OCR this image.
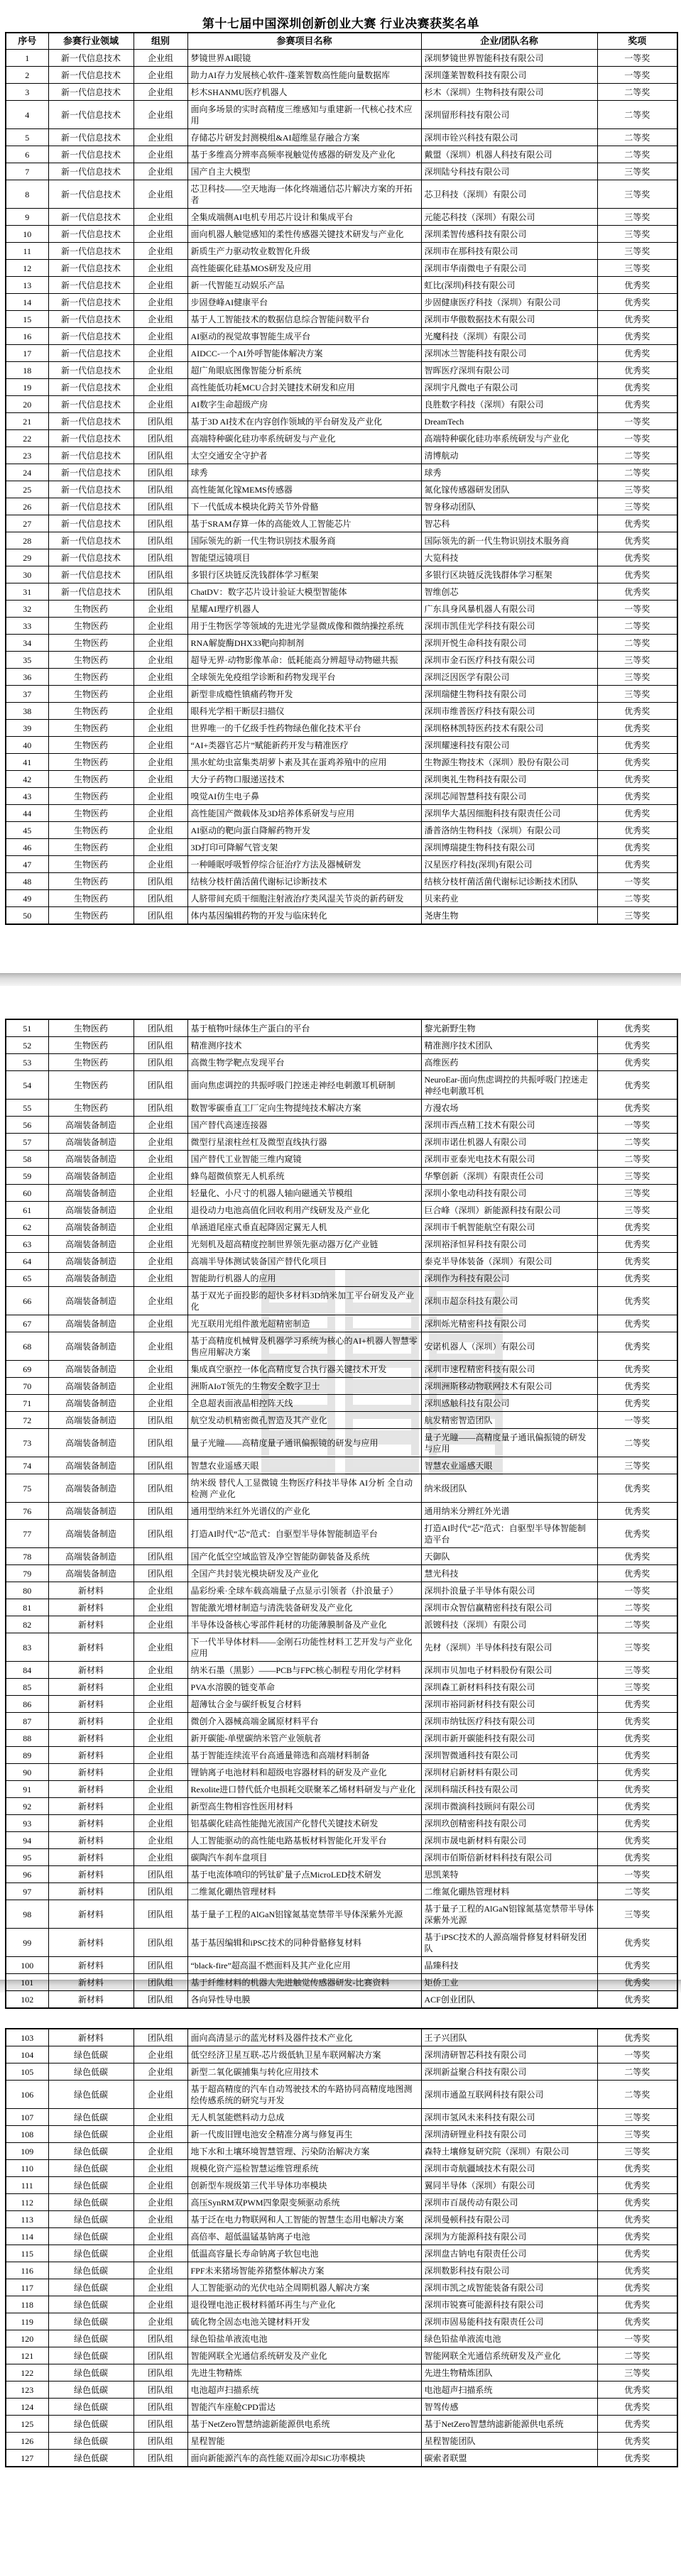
第十七届中国深圳创新创业大赛 行业决赛获奖名单
序号	参赛行业领域	组别	参赛项目名称	企业/团队名称	奖项
1	新一代信息技术	企业组	梦镜世界AI眼镜	深圳梦镜世界智能科技有限公司	一等奖
2	新一代信息技术	企业组	助力AI存力发展核心软件-蓬莱智数高性能向量数据库	深圳蓬莱智数科技有限公司	一等奖
3	新一代信息技术	企业组	杉木SHANMU医疗机器人	杉木（深圳）生物科技有限公司	二等奖
4	新一代信息技术	企业组	面向多场景的实时高精度三维感知与重建新一代核心技术应用	深圳留形科技有限公司	二等奖
5	新一代信息技术	企业组	存储芯片研发封测模组&AI超维显存融合方案	深圳市铨兴科技有限公司	二等奖
6	新一代信息技术	企业组	基于多维高分辨率高频率视触觉传感器的研发及产业化	戴盟（深圳）机器人科技有限公司	二等奖
7	新一代信息技术	企业组	国产自主大模型	深圳陆兮科技有限公司	三等奖
8	新一代信息技术	企业组	芯卫科技——空天地海一体化终端通信芯片解决方案的开拓者	芯卫科技（深圳）有限公司	三等奖
9	新一代信息技术	企业组	全集成端侧AI电机专用芯片设计和集成平台	元能芯科技（深圳）有限公司	三等奖
10	新一代信息技术	企业组	面向机器人触觉感知的柔性传感器关键技术研发与产业化	深圳柔智传感科技有限公司	三等奖
11	新一代信息技术	企业组	新质生产力驱动牧业数智化升级	深圳市在那科技有限公司	三等奖
12	新一代信息技术	企业组	高性能碳化硅基MOS研发及应用	深圳市华南微电子有限公司	三等奖
13	新一代信息技术	企业组	新一代智能互动娱乐产品	虹比(深圳)科技有限公司	优秀奖
14	新一代信息技术	企业组	步固登峰AI健康平台	步固健康医疗科技（深圳）有限公司	优秀奖
15	新一代信息技术	企业组	基于人工智能技术的数据信息综合智能问数平台	深圳市华傲数据技术有限公司	优秀奖
16	新一代信息技术	企业组	AI驱动的视觉故事智能生成平台	光魔科技（深圳）有限公司	优秀奖
17	新一代信息技术	企业组	AIDCC-一个AI外呼智能体解决方案	深圳冰兰智能科技有限公司	优秀奖
18	新一代信息技术	企业组	超广角眼底图像智能分析系统	智晖医疗深圳有限公司	优秀奖
19	新一代信息技术	企业组	高性能低功耗MCU合封关键技术研发和应用	深圳宇凡微电子有限公司	优秀奖
20	新一代信息技术	企业组	AI数字生命超级产房	良胜数字科技（深圳）有限公司	优秀奖
21	新一代信息技术	团队组	基于3D AI技术在内容创作领域的平台研发及产业化	DreamTech	一等奖
22	新一代信息技术	团队组	高端特种碳化硅功率系统研发与产业化	高端特种碳化硅功率系统研发与产业化	一等奖
23	新一代信息技术	团队组	太空交通安全守护者	清博航动	二等奖
24	新一代信息技术	团队组	球秀	球秀	二等奖
25	新一代信息技术	团队组	高性能氮化镓MEMS传感器	氮化镓传感器研发团队	三等奖
26	新一代信息技术	团队组	下一代低成本模块化跨关节外骨骼	智身移动团队	三等奖
27	新一代信息技术	团队组	基于SRAM存算一体的高能效人工智能芯片	智芯科	优秀奖
28	新一代信息技术	团队组	国际领先的新一代生物识别技术服务商	国际领先的新一代生物识别技术服务商	优秀奖
29	新一代信息技术	团队组	智能望远镜项目	大览科技	优秀奖
30	新一代信息技术	团队组	多银行区块链反洗钱群体学习框架	多银行区块链反洗钱群体学习框架	优秀奖
31	新一代信息技术	团队组	ChatDV：数字芯片设计验证大模型智能体	智维创芯	优秀奖
32	生物医药	企业组	星耀AI理疗机器人	广东具身风暴机器人有限公司	一等奖
33	生物医药	企业组	用于生物医学等领域的先进光学显微成像和微纳操控系统	深圳市凯佳光学科技有限公司	二等奖
34	生物医药	企业组	RNA解旋酶DHX33靶向抑制剂	深圳开悦生命科技有限公司	二等奖
35	生物医药	企业组	超导无界·动物影像革命：低耗能高分辨超导动物磁共振	深圳市金石医疗科技有限公司	三等奖
36	生物医药	企业组	全球领先免疫组学诊断和药物发现平台	深圳泛因医学有限公司	三等奖
37	生物医药	企业组	新型非成瘾性镇痛药物开发	深圳瑞健生物科技有限公司	三等奖
38	生物医药	企业组	眼科光学相干断层扫描仪	深圳市维普医疗科技有限公司	优秀奖
39	生物医药	企业组	世界唯一的千亿级手性药物绿色催化技术平台	深圳格林凯特医药技术有限公司	优秀奖
40	生物医药	企业组	“AI+类器官芯片”赋能新药开发与精准医疗	深圳耀速科技有限公司	优秀奖
41	生物医药	企业组	黑水虻幼虫富集类胡萝卜素及其在蛋鸡养殖中的应用	生物源生物技术（深圳）股份有限公司	优秀奖
42	生物医药	企业组	大分子药物口服递送技术	深圳奥礼生物科技有限公司	优秀奖
43	生物医药	企业组	嗅觉AI仿生电子鼻	深圳芯闻智慧科技有限公司	优秀奖
44	生物医药	企业组	高性能国产微载体及3D培养体系研发与应用	深圳华大基因细胞科技有限责任公司	优秀奖
45	生物医药	企业组	AI驱动的靶向蛋白降解药物开发	潘普洛纳生物科技（深圳）有限公司	优秀奖
46	生物医药	企业组	3D打印可降解气管支架	深圳博瑞捷生物科技有限公司	优秀奖
47	生物医药	企业组	一种睡眠呼吸暂停综合征治疗方法及器械研发	汉星医疗科技(深圳)有限公司	优秀奖
48	生物医药	团队组	结核分枝杆菌活菌代谢标记诊断技术	结核分枝杆菌活菌代谢标记诊断技术团队	一等奖
49	生物医药	团队组	人脐带间充质干细胞注射液治疗类风湿关节炎的新药研发	贝来药业	二等奖
50	生物医药	团队组	体内基因编辑药物的开发与临床转化	尧唐生物	三等奖
51	生物医药	团队组	基于植物叶绿体生产蛋白的平台	黎光新野生物	优秀奖
52	生物医药	团队组	精准测序技术	精准测序技术团队	优秀奖
53	生物医药	团队组	高微生物学靶点发现平台	高维医药	优秀奖
54	生物医药	团队组	面向焦虑调控的共振呼吸门控迷走神经电刺激耳机研制	NeuroEar-面向焦虑调控的共振呼吸门控迷走神经电刺激耳机	优秀奖
55	生物医药	团队组	数智零碳垂直工厂定向生物提纯技术解决方案	方漫农场	优秀奖
56	高端装备制造	企业组	国产替代高速连接器	深圳市西点精工技术有限公司	一等奖
57	高端装备制造	企业组	微型行星滚柱丝杠及微型直线执行器	深圳市诺仕机器人有限公司	二等奖
58	高端装备制造	企业组	国产替代工业智能三维内窥镜	深圳市亚泰光电技术有限公司	二等奖
59	高端装备制造	企业组	蜂鸟超微侦察无人机系统	华擎创新（深圳）有限责任公司	三等奖
60	高端装备制造	企业组	轻量化、小尺寸的机器人轴向磁通关节模组	深圳小象电动科技有限公司	三等奖
61	高端装备制造	企业组	退役动力电池高值化回收利用产线研发及产业化	巨合峰（深圳）新能源科技有限公司	三等奖
62	高端装备制造	企业组	单涵道尾座式垂直起降固定翼无人机	深圳市千帆智能航空有限公司	优秀奖
63	高端装备制造	企业组	光刻机及超高精度控制世界领先驱动器万亿产业链	深圳裕泽恒昇科技有限公司	优秀奖
64	高端装备制造	企业组	高端半导体测试装备国产替代化项目	泰克半导体装备（深圳）有限公司	优秀奖
65	高端装备制造	企业组	智能助行机器人的应用	深圳作为科技有限公司	优秀奖
66	高端装备制造	企业组	基于双光子面投影的超快多材料3D纳米加工平台研发及产业化	深圳市超奈科技有限公司	优秀奖
67	高端装备制造	企业组	光互联用光组件激光超精密制造	深圳烁光精密科技有限公司	优秀奖
68	高端装备制造	企业组	基于高精度机械臂及机器学习系统为核心的AI+机器人智慧零售应用解决方案	安诺机器人（深圳）有限公司	优秀奖
69	高端装备制造	企业组	集成真空驱控一体化高精度复合执行器关键技术开发	深圳市速程精密科技有限公司	优秀奖
70	高端装备制造	企业组	洲斯AIoT领先的生物安全数字卫士	深圳洲斯移动物联网技术有限公司	优秀奖
71	高端装备制造	企业组	全息超表面液晶相控阵天线	深圳感触科技有限公司	优秀奖
72	高端装备制造	团队组	航空发动机精密微孔智造及其产业化	航发精密智造团队	一等奖
73	高端装备制造	团队组	量子光瞳——高精度量子通讯偏振镜的研发与应用	量子光瞳——高精度量子通讯偏振镜的研发与应用	二等奖
74	高端装备制造	团队组	智慧农业遥感天眼	智慧农业遥感天眼	三等奖
75	高端装备制造	团队组	纳米级 替代人工显微镜 生物医疗科技半导体 AI分析 全自动检测 产业化	纳米级团队	优秀奖
76	高端装备制造	团队组	通用型纳米红外光谱仪的产业化	通用纳米分辨红外光谱	优秀奖
77	高端装备制造	团队组	打造AI时代“芯”范式：自驱型半导体智能制造平台	打造AI时代“芯”范式：自驱型半导体智能制造平台	优秀奖
78	高端装备制造	团队组	国产化低空空域监管及净空智能防御装备及系统	天御队	优秀奖
79	高端装备制造	团队组	全国产共封装光模块研发及产业化	慧光科技	优秀奖
80	新材料	企业组	晶彩纷乘·全球车载高端量子点显示引领者（扑浪量子）	深圳扑浪量子半导体有限公司	一等奖
81	新材料	企业组	智能激光增材制造与清洗装备研发及产业化	深圳市众智信赢精密科技有限公司	二等奖
82	新材料	企业组	半导体设备核心零部件耗材的功能薄膜制备及产业化	派镀科技（深圳）有限公司	二等奖
83	新材料	企业组	下一代半导体材料——金刚石功能性材料工艺开发与产业化应用	先材（深圳）半导体科技有限公司	三等奖
84	新材料	企业组	纳米石墨（黑影）——PCB与FPC核心制程专用化学材料	深圳市贝加电子材料股份有限公司	三等奖
85	新材料	企业组	PVA水溶膜的链变革命	深圳森工新材料科技有限公司	三等奖
86	新材料	企业组	超薄钛合金与碳纤板复合材料	深圳市裕同新材科技有限公司	优秀奖
87	新材料	企业组	微创介入器械高端金属原材料平台	深圳市纳钛医疗科技有限公司	优秀奖
88	新材料	企业组	新开碳能-单壁碳纳米管产业领航者	深圳市新开碳能科技有限公司	优秀奖
89	新材料	企业组	基于智能连续流平台高通量筛选和高端材料制备	深圳智微通科技有限公司	优秀奖
90	新材料	企业组	锂钠离子电池材料和超级电容器材料的研发及产业化	深圳材启新材料有限公司	优秀奖
91	新材料	企业组	Rexolite进口替代低介电损耗交联聚苯乙烯材料研发与产业化	深圳科瑞沃科技有限公司	优秀奖
92	新材料	企业组	新型高生物相容性医用材料	深圳市微滴科技顾问有限公司	优秀奖
93	新材料	企业组	铝基碳化硅高性能抛光液国产化替代关键技术研发	深圳玖创精密科技有限公司	优秀奖
94	新材料	企业组	人工智能驱动的高性能电路基板材料智能化开发平台	深圳市晟电新材料有限公司	优秀奖
95	新材料	企业组	碳陶汽车刹车盘项目	深圳市佰斯倍新材料科技有限公司	优秀奖
96	新材料	团队组	基于电流体喷印的钙钛矿量子点MicroLED技术研发	思凯莱特	一等奖
97	新材料	团队组	二维氮化硼热管理材料	二维氮化硼热管理材料	二等奖
98	新材料	团队组	基于量子工程的AlGaN铝镓氮基宽禁带半导体深紫外光源	基于量子工程的AlGaN铝镓氮基宽禁带半导体深紫外光源	三等奖
99	新材料	团队组	基于基因编辑和iPSC技术的同种骨骼修复材料	基于iPSC技术的人源高端骨修复材料研发团队	优秀奖
100	新材料	团队组	“black-fire”超高温不燃面料及其产业化应用	晶臻科技	优秀奖
101	新材料	团队组	基于纤维材料的机器人先进触觉传感器研发-比赛资料	矩侨工业	优秀奖
102	新材料	团队组	各向异性导电膜	ACF创业团队	优秀奖
103	新材料	团队组	面向高清显示的蓝光材料及器件技术产业化	王子兴团队	优秀奖
104	绿色低碳	企业组	低空经济卫星互联-芯片级低轨卫星车联网解决方案	深圳清研智芯科技有限公司	一等奖
105	绿色低碳	企业组	新型二氧化碳捕集与转化应用技术	深圳新益聚合科技有限公司	二等奖
106	绿色低碳	企业组	基于超高精度的汽车自动驾驶技术的车路协同高精度地图测绘传感系统的研究与开发	深圳市通盈互联网科技有限公司	二等奖
107	绿色低碳	企业组	无人机氢能燃料动力总成	深圳市氢风未来科技有限公司	三等奖
108	绿色低碳	企业组	新一代废旧锂电池安全精准分离与修复再生	深圳清研锂业科技有限公司	三等奖
109	绿色低碳	企业组	地下水和土壤环境智慧管理、污染防治解决方案	森特土壤修复研究院（深圳）有限公司	三等奖
110	绿色低碳	企业组	规模化资产巡检智慧运维管理系统	深圳市奇航疆域技术有限公司	优秀奖
111	绿色低碳	企业组	创新型车规级第三代半导体功率模块	翼同半导体（深圳）有限公司	优秀奖
112	绿色低碳	企业组	高压SynRM双PWM四象限变频驱动系统	深圳市百晟传动有限公司	优秀奖
113	绿色低碳	企业组	基于泛在电力物联网和人工智能的智慧生态用电解决方案	深圳曼顿科技有限公司	优秀奖
114	绿色低碳	企业组	高倍率、超低温锰基钠离子电池	深圳为方能源科技有限公司	优秀奖
115	绿色低碳	企业组	低温高容量长寿命钠离子软包电池	深圳盘古钠电有限责任公司	优秀奖
116	绿色低碳	企业组	FPF未来猪场智能养猪整体解决方案	深圳数影科技有限公司	优秀奖
117	绿色低碳	企业组	人工智能驱动的光伏电站全周期机器人解决方案	深圳市凯之成智能装备有限公司	优秀奖
118	绿色低碳	企业组	退役锂电池正极材料循环再生与产业化	深圳市锐赛可能源科技有限公司	优秀奖
119	绿色低碳	企业组	硫化物全固态电池关键材料开发	深圳市固易能科技有限责任公司	优秀奖
120	绿色低碳	团队组	绿色铅盐单液流电池	绿色铅盐单液流电池	一等奖
121	绿色低碳	团队组	智能网联全光通信系统研发及产业化	智能网联全光通信系统研发及产业化	二等奖
122	绿色低碳	团队组	先进生物精炼	先进生物精炼团队	三等奖
123	绿色低碳	团队组	电池超声扫描系统	电池超声扫描系统	优秀奖
124	绿色低碳	团队组	智能汽车座舱CPD雷达	智驾传感	优秀奖
125	绿色低碳	团队组	基于NetZero智慧纳滤新能源供电系统	基于NetZero智慧纳滤新能源供电系统	优秀奖
126	绿色低碳	团队组	星程智能	星程智能团队	优秀奖
127	绿色低碳	团队组	面向新能源汽车的高性能双面冷却SiC功率模块	碳索者联盟	优秀奖
